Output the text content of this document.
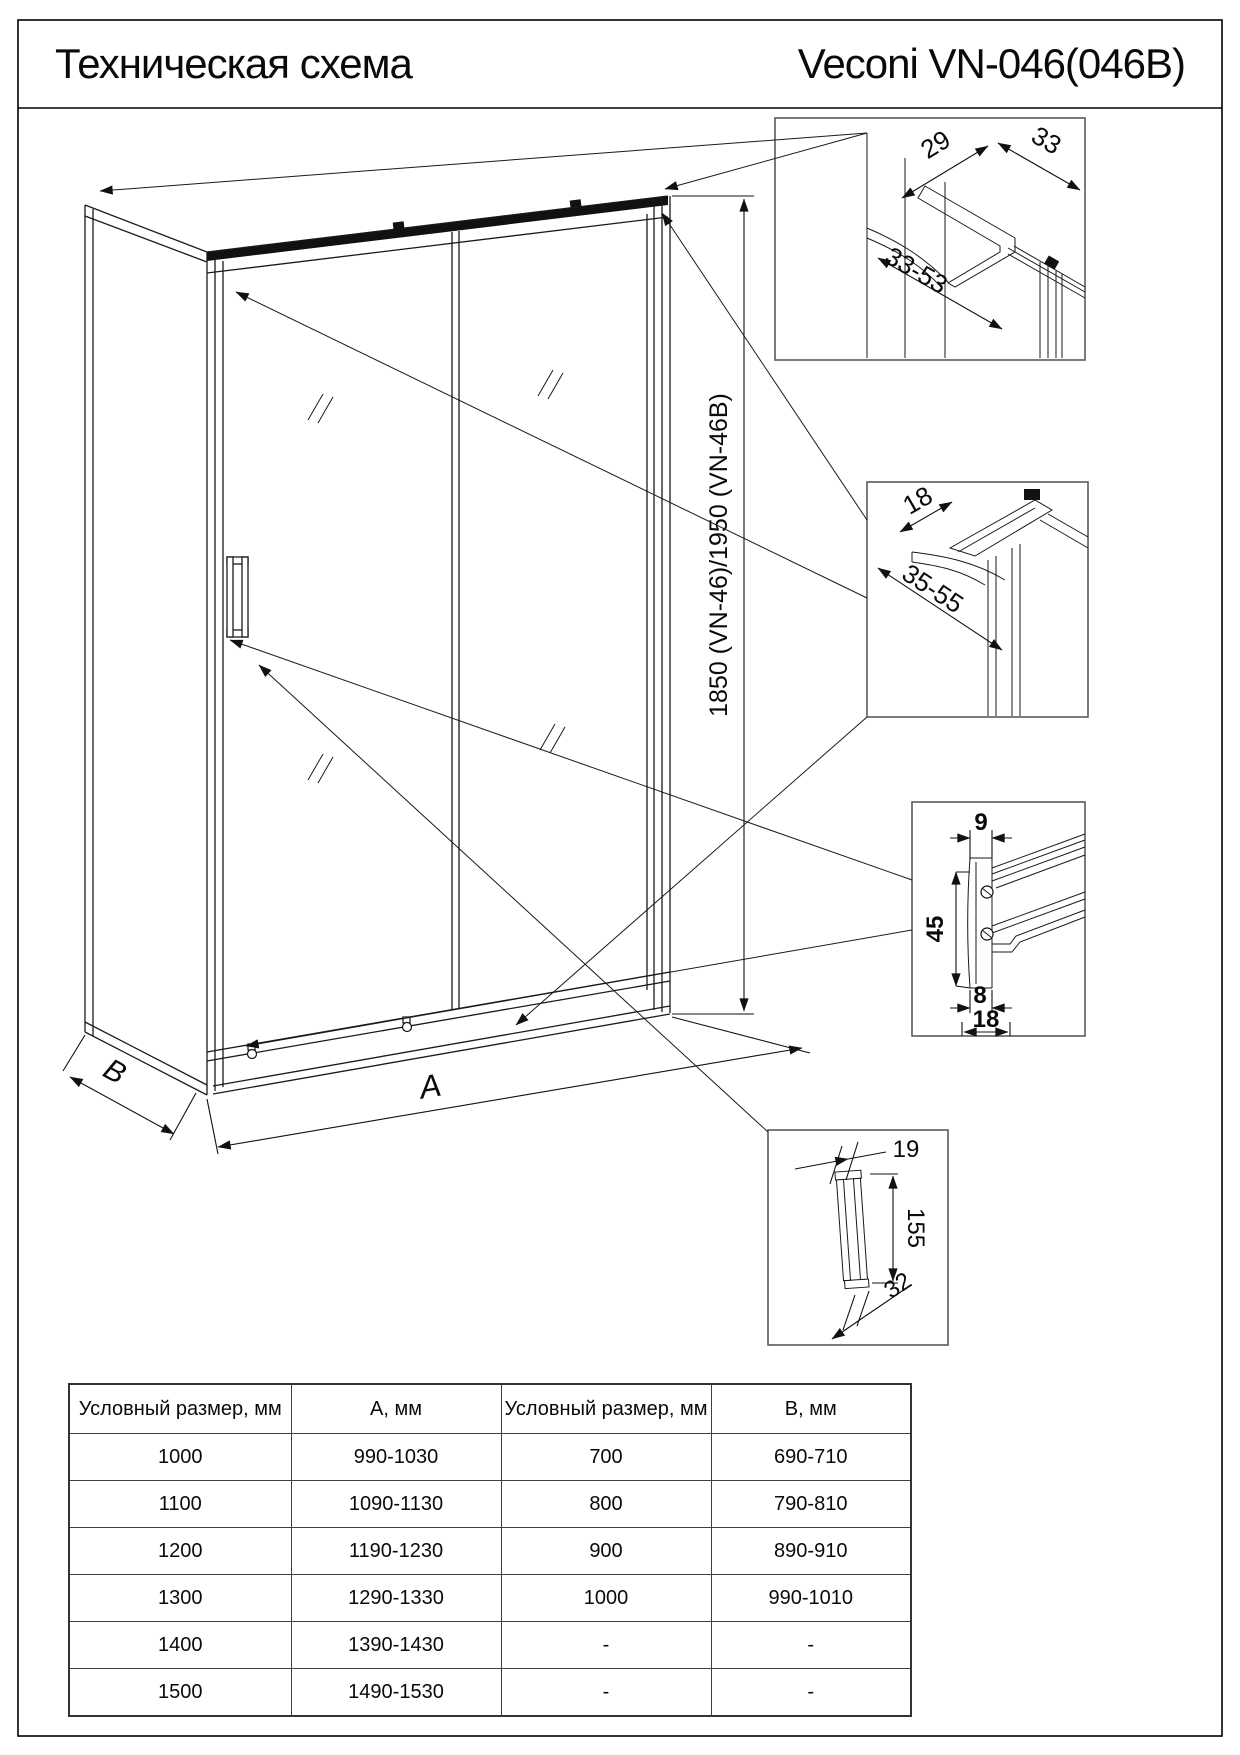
Техническая схема	Veconi VN-046(046B)
1850 (VN-46)/1950 (VN-46B)
A
B
29	33
33-53
18
35-55
9
45
8
18
19
155
32
Условный размер, мм	А, мм	Условный размер, мм	В, мм
1000	990-1030	700	690-710
1100	1090-1130	800	790-810
1200	1190-1230	900	890-910
1300	1290-1330	1000	990-1010
1400	1390-1430	-	-
1500	1490-1530	-	-
